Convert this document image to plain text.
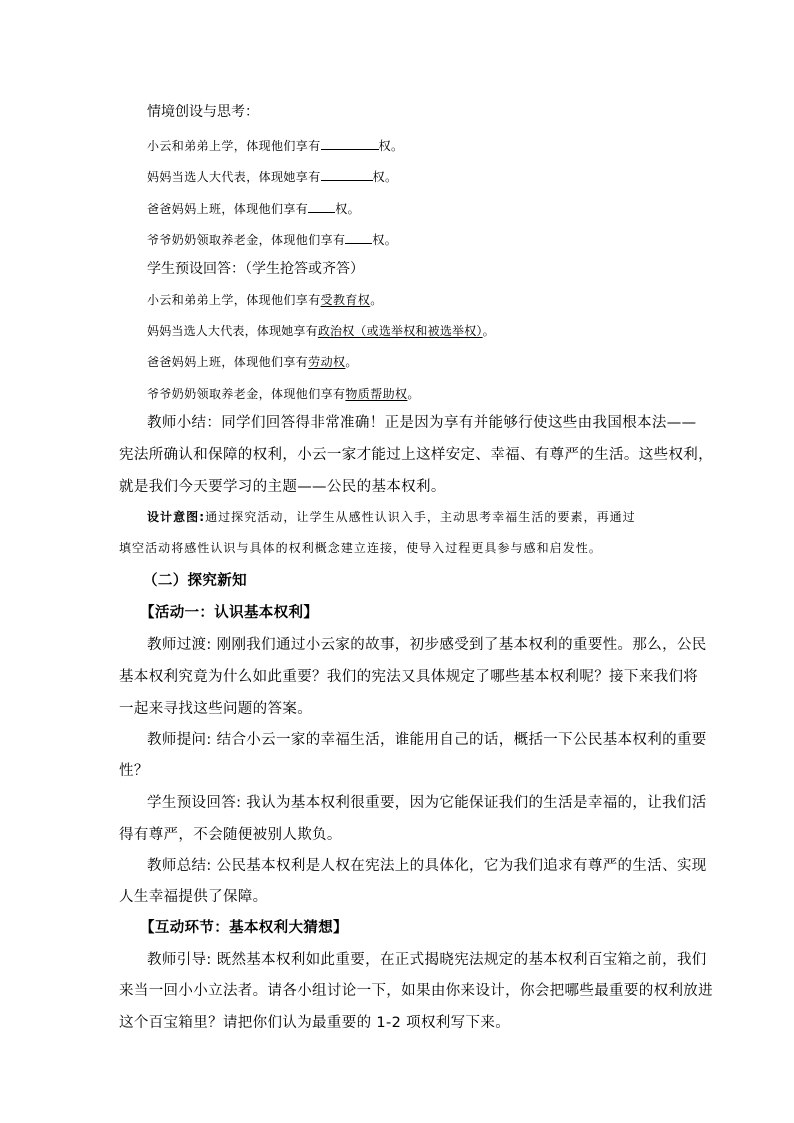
情境创设与思考：
小云和弟弟上学，体现他们享有	权。
妈妈当选人大代表，体现她享有	权。
爸爸妈妈上班，体现他们享有 权。
爷爷奶奶领取养老金，体现他们享有 权。
学生预设回答：（学生抢答或齐答）
小云和弟弟上学，体现他们享有受教育权。
妈妈当选人大代表，体现她享有政治权（或选举权和被选举权）。
爸爸妈妈上班，体现他们享有劳动权。
爷爷奶奶领取养老金，体现他们享有物质帮助权。
教师小结：同学们回答得非常准确！正是因为享有并能够行使这些由我国根本法——
宪法所确认和保障的权利，小云一家才能过上这样安定、幸福、有尊严的生活。这些权利，
就是我们今天要学习的主题——公民的基本权利。
设计意图:通过探究活动，让学生从感性认识入手，主动思考幸福生活的要素，再通过
填空活动将感性认识与具体的权利概念建立连接，使导入过程更具参与感和启发性。
（二）探究新知
【活动一：认识基本权利】
教师过渡: 刚刚我们通过小云家的故事，初步感受到了基本权利的重要性。那么，公民
基本权利究竟为什么如此重要？我们的宪法又具体规定了哪些基本权利呢？接下来我们将
一起来寻找这些问题的答案。
教师提问: 结合小云一家的幸福生活，谁能用自己的话，概括一下公民基本权利的重要
性？
学生预设回答: 我认为基本权利很重要，因为它能保证我们的生活是幸福的，让我们活
得有尊严，不会随便被别人欺负。
教师总结: 公民基本权利是人权在宪法上的具体化，它为我们追求有尊严的生活、实现
人生幸福提供了保障。
【互动环节：基本权利大猜想】
教师引导: 既然基本权利如此重要，在正式揭晓宪法规定的基本权利百宝箱之前，我们
来当一回小小立法者。请各小组讨论一下，如果由你来设计，你会把哪些最重要的权利放进
这个百宝箱里？请把你们认为最重要的 1-2 项权利写下来。
